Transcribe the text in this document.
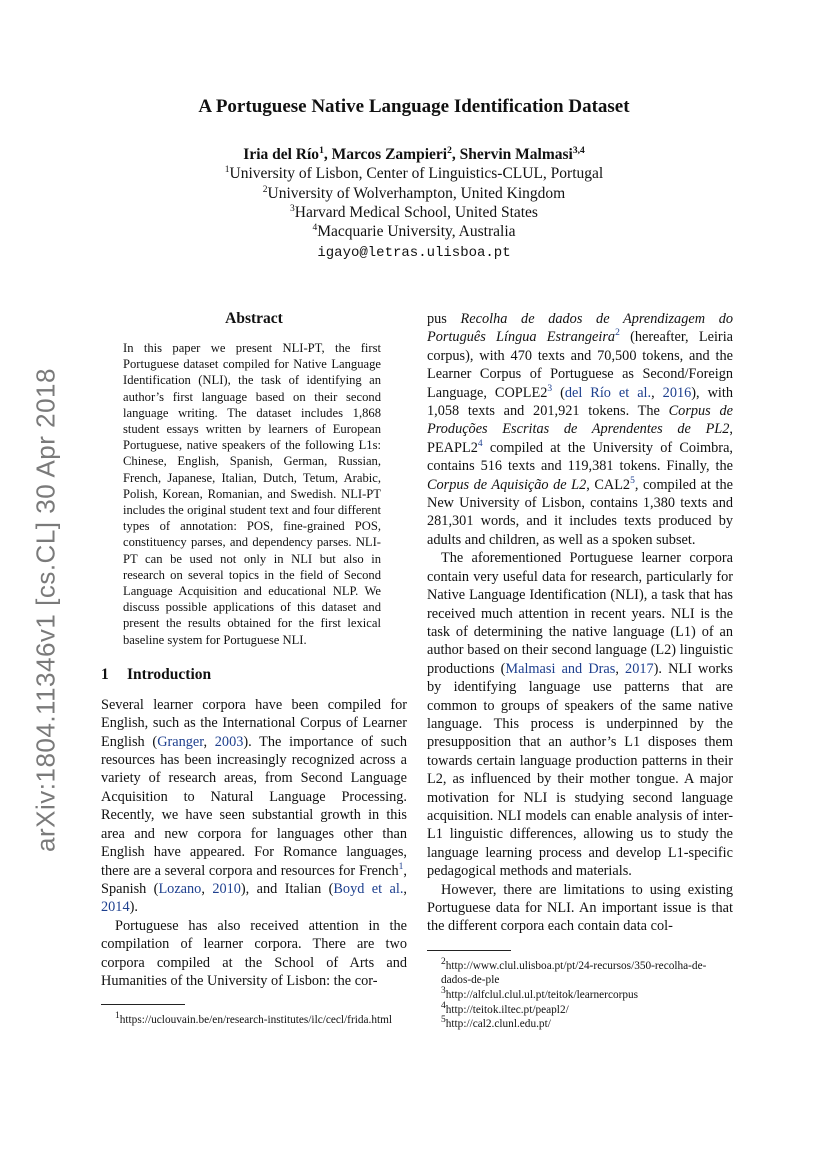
arXiv:1804.11346v1 [cs.CL] 30 Apr 2018
A Portuguese Native Language Identification Dataset
Iria del Río$^1$, Marcos Zampieri$^2$, Shervin Malmasi$^{3,4}$
$^1$University of Lisbon, Center of Linguistics-CLUL, Portugal
$^2$University of Wolverhampton, United Kingdom
$^3$Harvard Medical School, United States
$^4$Macquarie University, Australia
igayo@letras.ulisboa.pt
Abstract

In this paper we present NLI-PT, the first Portuguese dataset compiled for Native Language Identification (NLI), the task of identifying an author’s first language based on their second language writing. The dataset includes 1,868 student essays written by learners of European Portuguese, native speakers of the following L1s: Chinese, English, Spanish, German, Russian, French, Japanese, Italian, Dutch, Tetum, Arabic, Polish, Korean, Romanian, and Swedish. NLI-PT includes the original student text and four different types of annotation: POS, fine-grained POS, constituency parses, and dependency parses. NLI-PT can be used not only in NLI but also in research on several topics in the field of Second Language Acquisition and educational NLP. We discuss possible applications of this dataset and present the results obtained for the first lexical baseline system for Portuguese NLI.

1 Introduction

Several learner corpora have been compiled for English, such as the International Corpus of Learner English (Granger, 2003). The importance of such resources has been increasingly recognized across a variety of research areas, from Second Language Acquisition to Natural Language Processing. Recently, we have seen substantial growth in this area and new corpora for languages other than English have appeared. For Romance languages, there are a several corpora and resources for French$^1$, Spanish (Lozano, 2010), and Italian (Boyd et al., 2014).

Portuguese has also received attention in the compilation of learner corpora. There are two corpora compiled at the School of Arts and Humanities of the University of Lisbon: the cor-

$^1$https://uclouvain.be/en/research-institutes/ilc/cecl/frida.html

pus Recolha de dados de Aprendizagem do Português Língua Estrangeira$^2$ (hereafter, Leiria corpus), with 470 texts and 70,500 tokens, and the Learner Corpus of Portuguese as Second/Foreign Language, COPLE2$^3$ (del Río et al., 2016), with 1,058 texts and 201,921 tokens. The Corpus de Produções Escritas de Aprendentes de PL2, PEAPL2$^4$ compiled at the University of Coimbra, contains 516 texts and 119,381 tokens. Finally, the Corpus de Aquisição de L2, CAL2$^5$, compiled at the New University of Lisbon, contains 1,380 texts and 281,301 words, and it includes texts produced by adults and children, as well as a spoken subset.

The aforementioned Portuguese learner corpora contain very useful data for research, particularly for Native Language Identification (NLI), a task that has received much attention in recent years. NLI is the task of determining the native language (L1) of an author based on their second language (L2) linguistic productions (Malmasi and Dras, 2017). NLI works by identifying language use patterns that are common to groups of speakers of the same native language. This process is underpinned by the presupposition that an author’s L1 disposes them towards certain language production patterns in their L2, as influenced by their mother tongue. A major motivation for NLI is studying second language acquisition. NLI models can enable analysis of inter-L1 linguistic differences, allowing us to study the language learning process and develop L1-specific pedagogical methods and materials.

However, there are limitations to using existing Portuguese data for NLI. An important issue is that the different corpora each contain data col-

$^2$http://www.clul.ulisboa.pt/pt/24-recursos/350-recolha-de-dados-de-ple

$^3$http://alfclul.clul.ul.pt/teitok/learnercorpus

$^4$http://teitok.iltec.pt/peapl2/

$^5$http://cal2.clunl.edu.pt/
